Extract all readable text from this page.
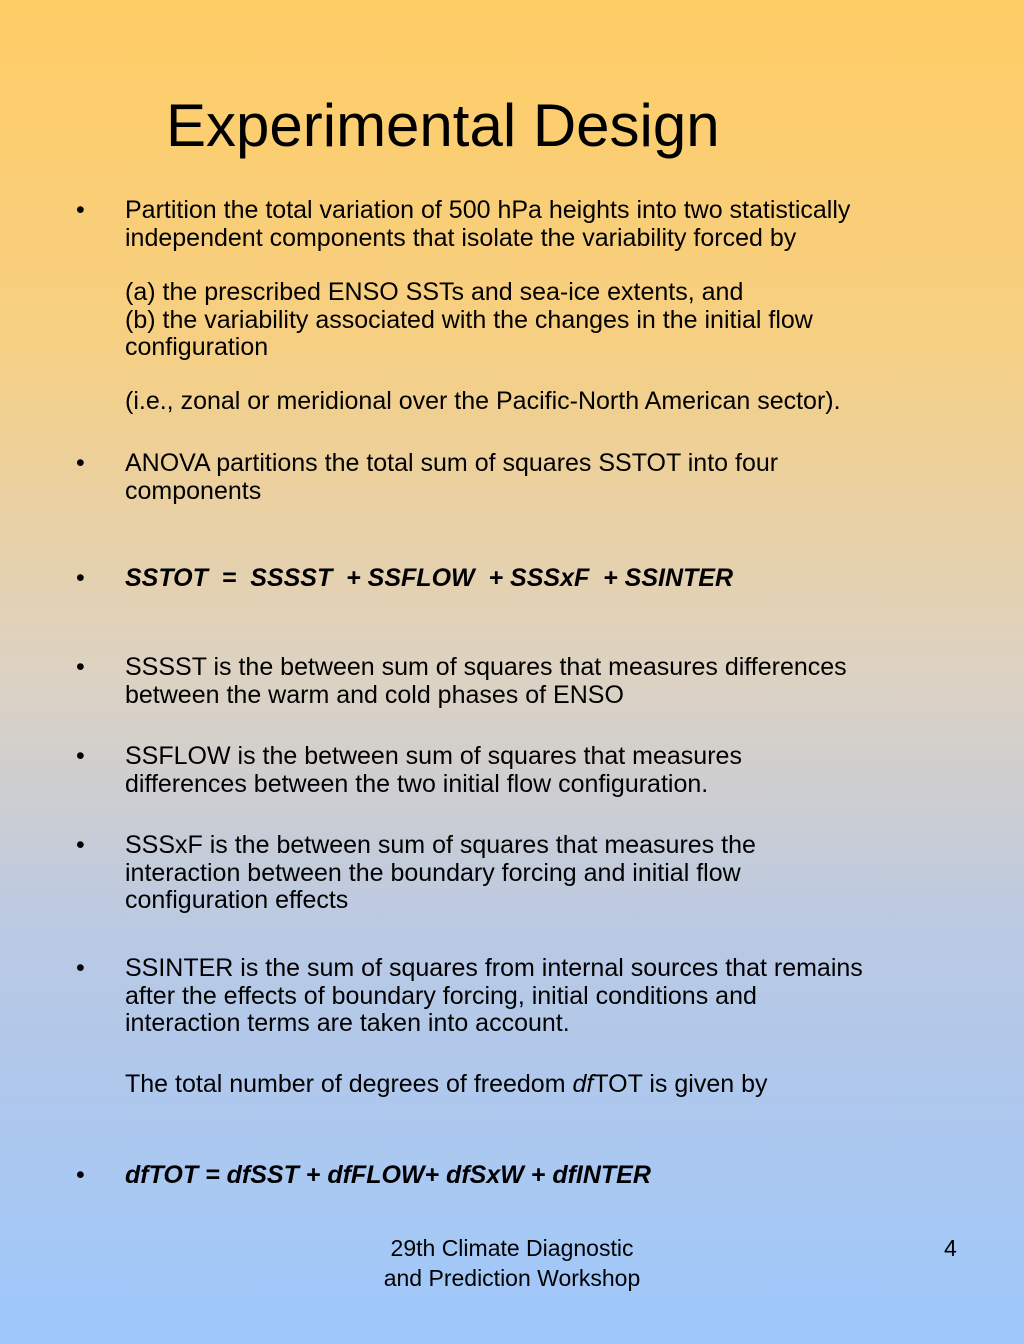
Experimental Design
• Partition the total variation of 500 hPa heights into two statistically
independent components that isolate the variability forced by
(a) the prescribed ENSO SSTs and sea-ice extents, and
(b) the variability associated with the changes in the initial flow
configuration
(i.e., zonal or meridional over the Pacific-North American sector).
• ANOVA partitions the total sum of squares SSTOT into four
components
• SSTOT  =  SSSST  + SSFLOW  + SSSxF  + SSINTER
• SSSST is the between sum of squares that measures differences
between the warm and cold phases of ENSO
• SSFLOW is the between sum of squares that measures
differences between the two initial flow configuration.
• SSSxF is the between sum of squares that measures the
interaction between the boundary forcing and initial flow
configuration effects
• SSINTER is the sum of squares from internal sources that remains
after the effects of boundary forcing, initial conditions and
interaction terms are taken into account.
The total number of degrees of freedom dfTOT is given by
• dfTOT = dfSST + dfFLOW+ dfSxW + dfINTER
29th Climate Diagnostic
and Prediction Workshop
4
